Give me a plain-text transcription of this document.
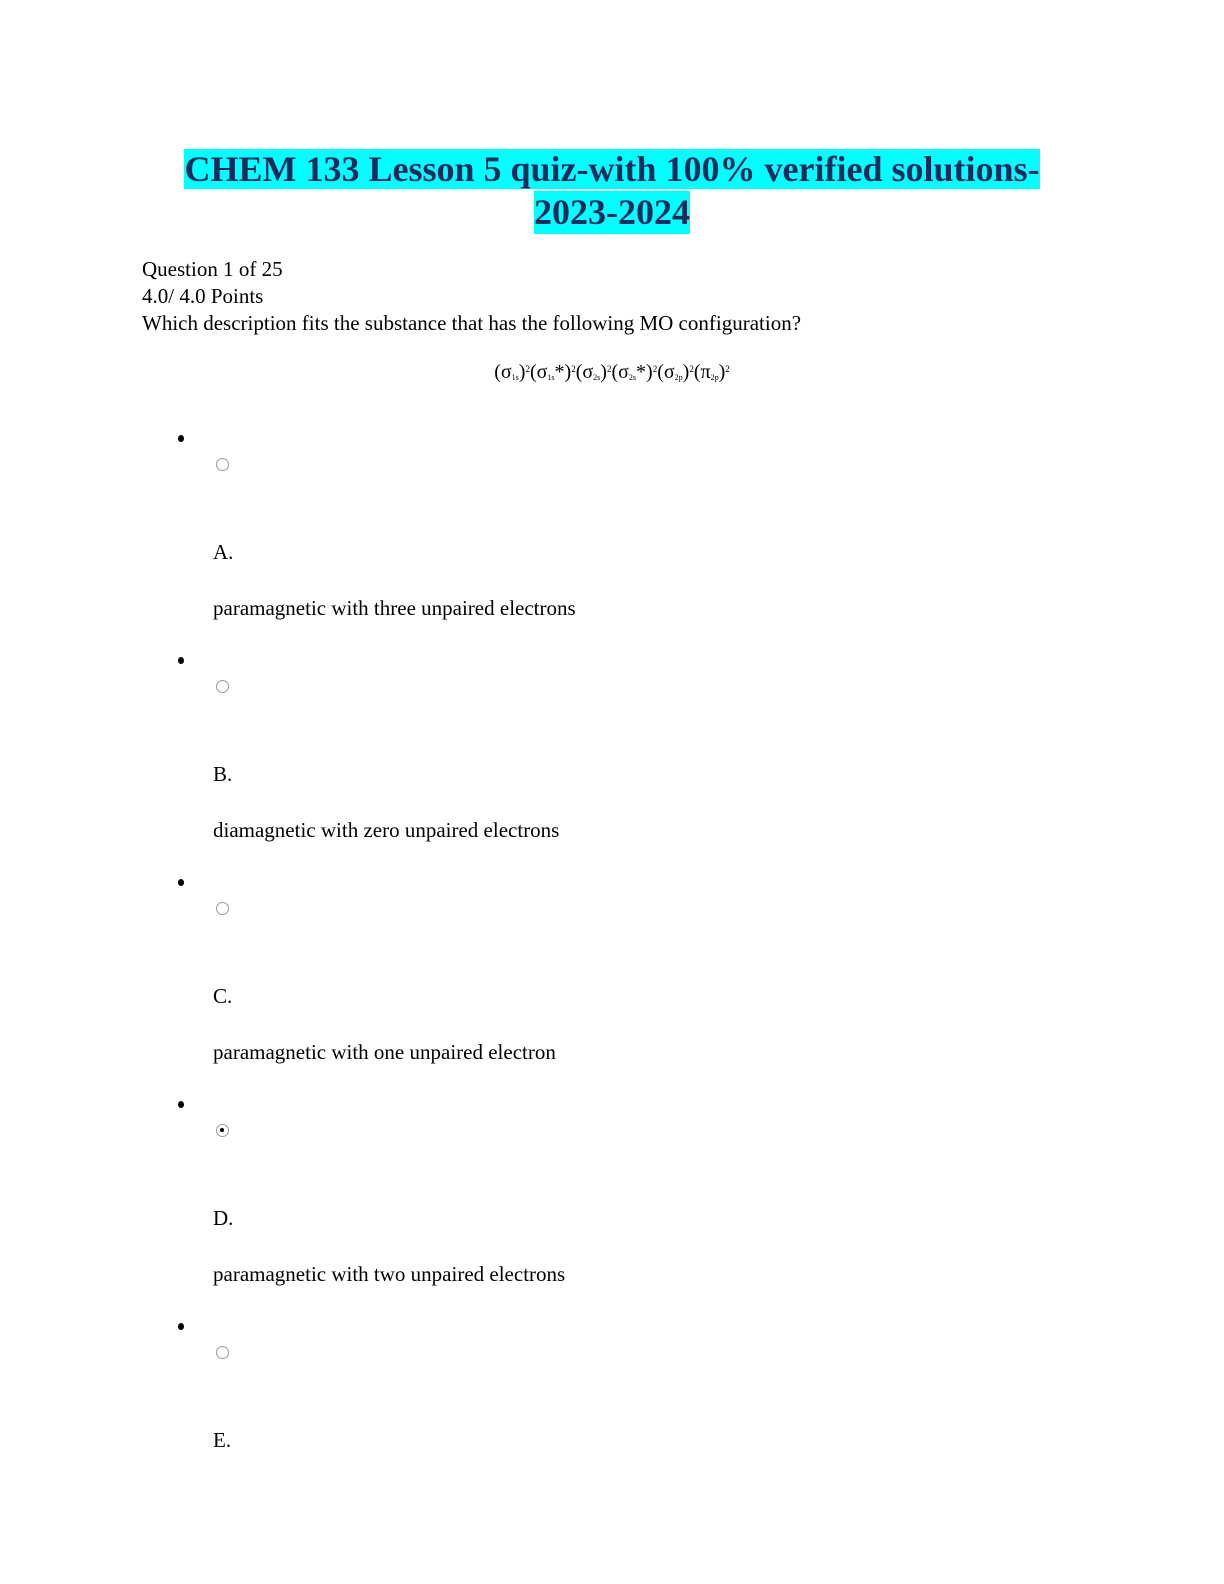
CHEM 133 Lesson 5 quiz-with 100% verified solutions-
2023-2024
Question 1 of 25
4.0/ 4.0 Points
Which description fits the substance that has the following MO configuration?
$(\sigma_{1s})^2(\sigma_{1s}*)^2(\sigma_{2s})^2(\sigma_{2s}*)^2(\sigma_{2p})^2(\pi_{2p})^2$
A.
paramagnetic with three unpaired electrons
B.
diamagnetic with zero unpaired electrons
C.
paramagnetic with one unpaired electron
D.
paramagnetic with two unpaired electrons
E.
